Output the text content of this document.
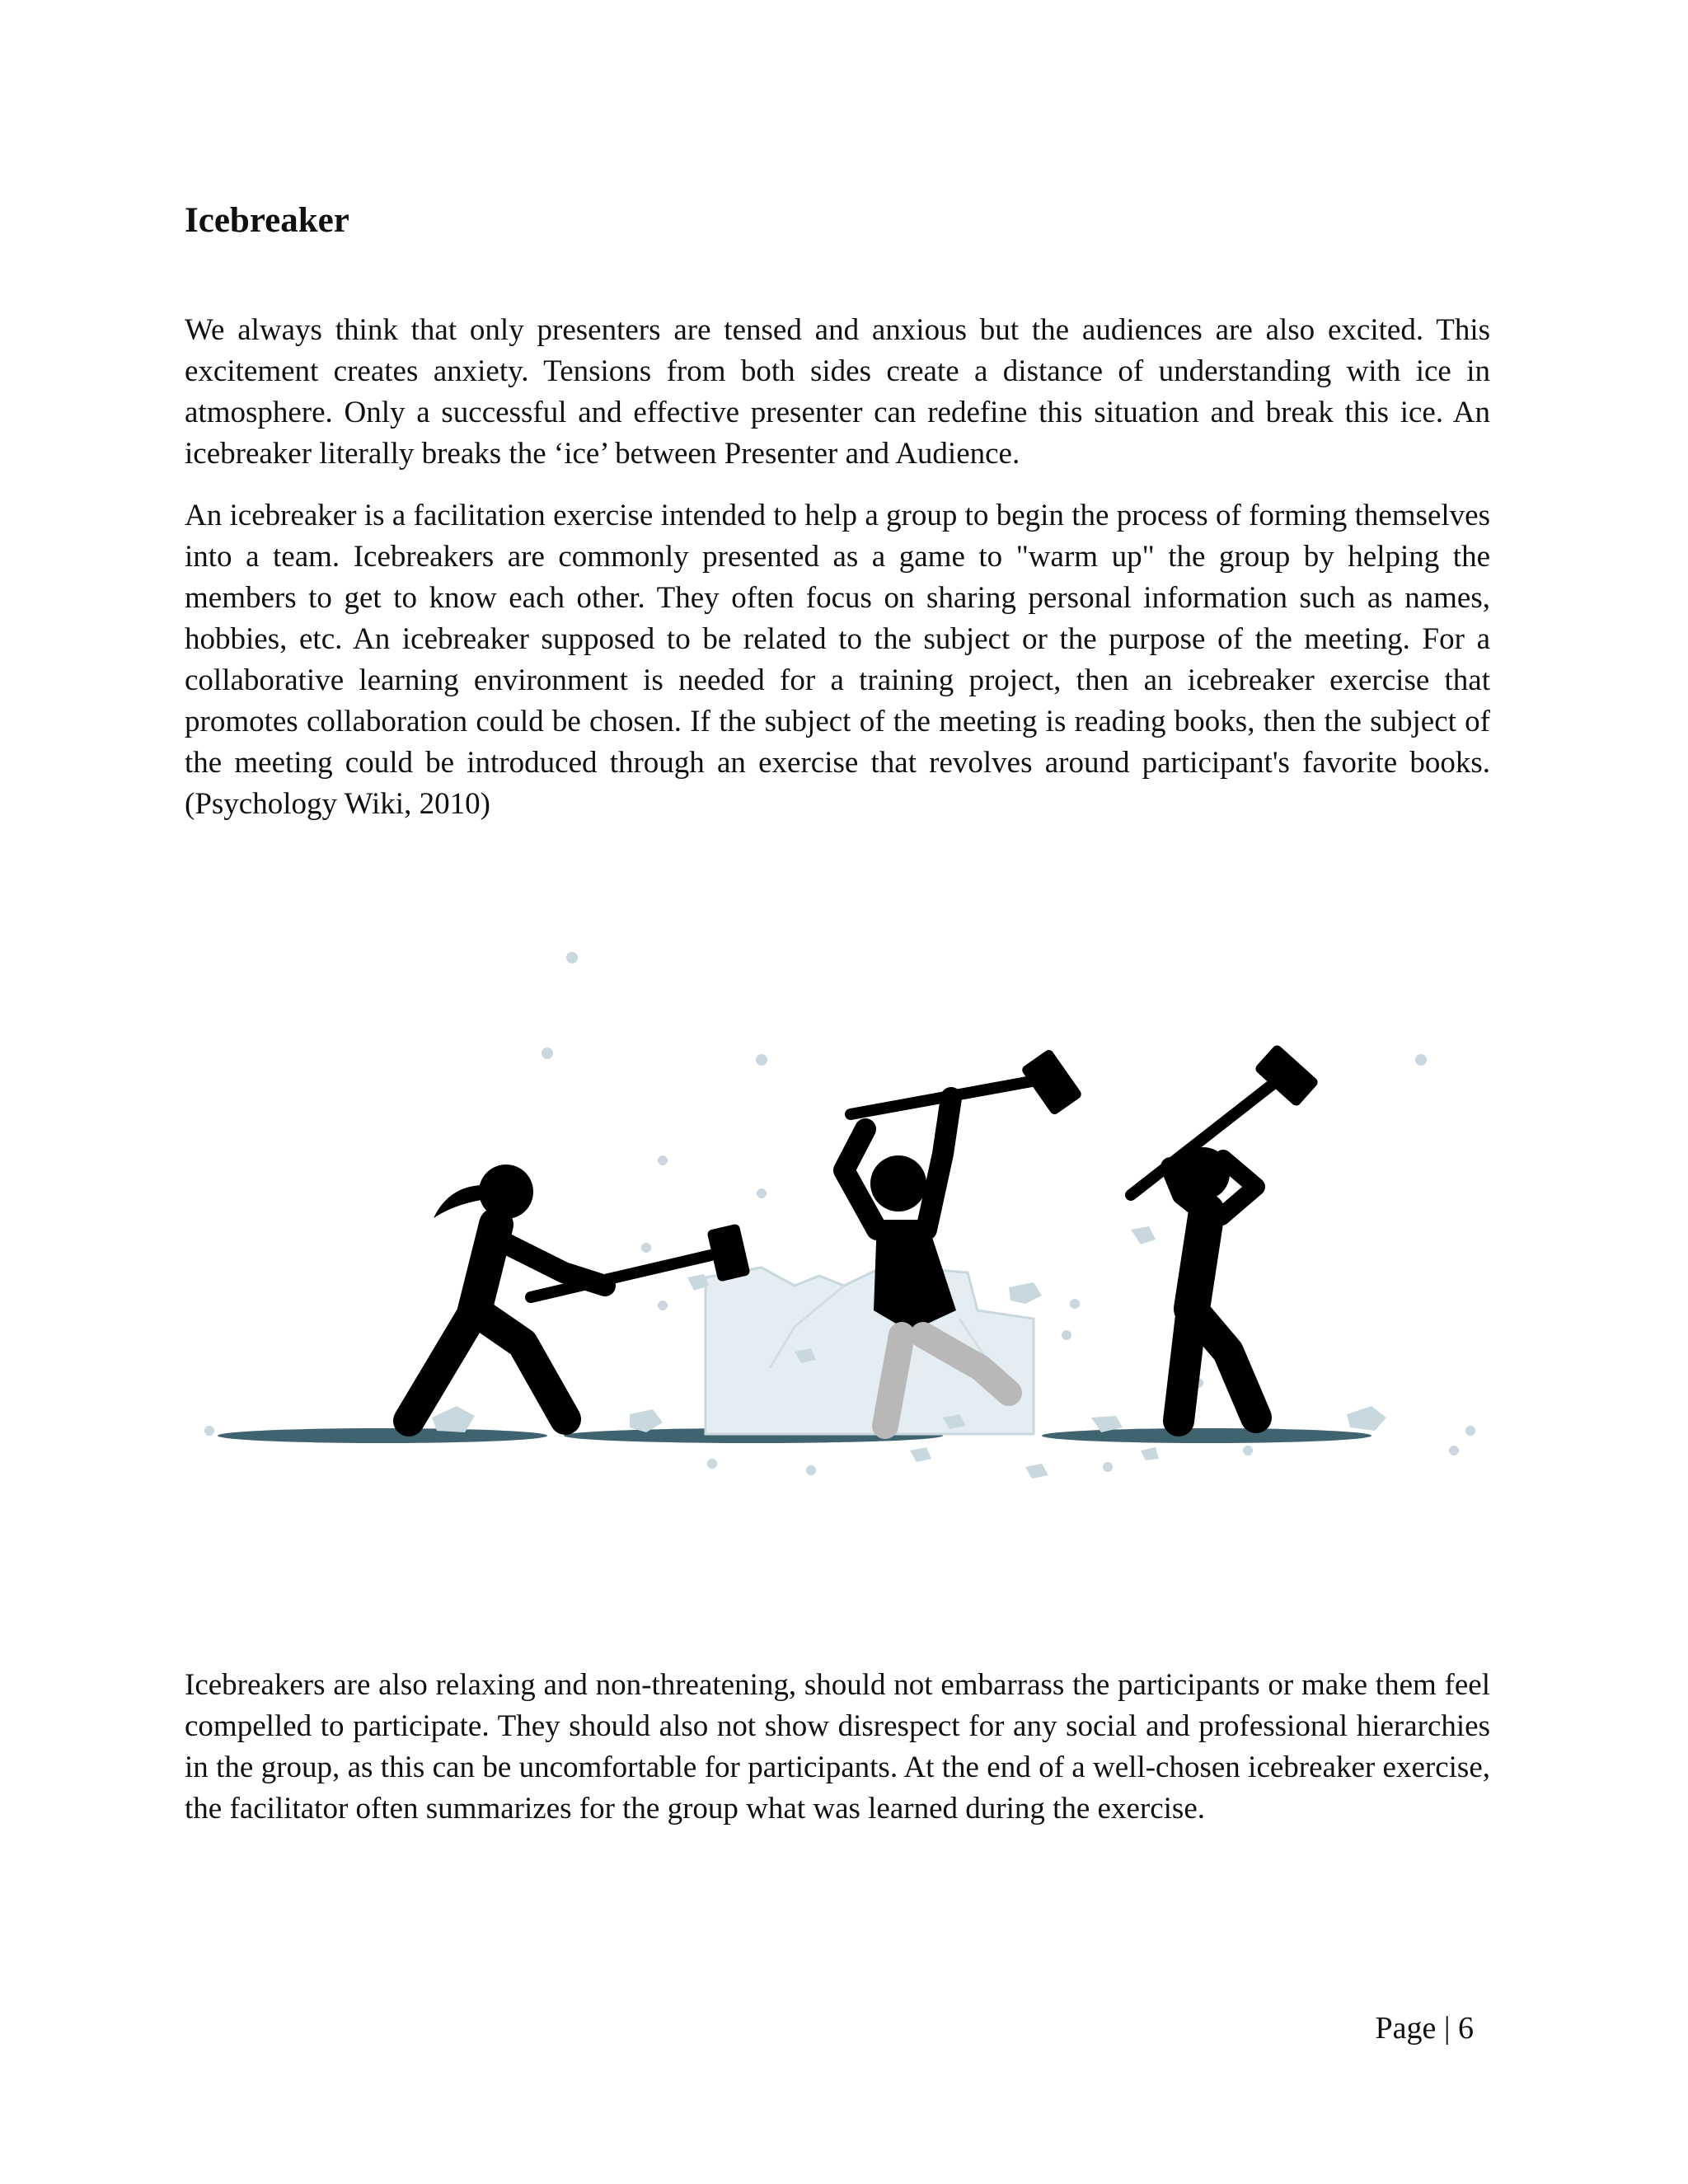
Icebreaker

We always think that only presenters are tensed and anxious but the audiences are also excited. This excitement creates anxiety. Tensions from both sides create a distance of understanding with ice in atmosphere. Only a successful and effective presenter can redefine this situation and break this ice. An icebreaker literally breaks the ‘ice’ between Presenter and Audience.

An icebreaker is a facilitation exercise intended to help a group to begin the process of forming themselves into a team. Icebreakers are commonly presented as a game to "warm up" the group by helping the members to get to know each other. They often focus on sharing personal information such as names, hobbies, etc. An icebreaker supposed to be related to the subject or the purpose of the meeting. For a collaborative learning environment is needed for a training project, then an icebreaker exercise that promotes collaboration could be chosen. If the subject of the meeting is reading books, then the subject of the meeting could be introduced through an exercise that revolves around participant's favorite books. (Psychology Wiki, 2010)

Icebreakers are also relaxing and non-threatening, should not embarrass the participants or make them feel compelled to participate. They should also not show disrespect for any social and professional hierarchies in the group, as this can be uncomfortable for participants. At the end of a well-chosen icebreaker exercise, the facilitator often summarizes for the group what was learned during the exercise.

Page | 6
